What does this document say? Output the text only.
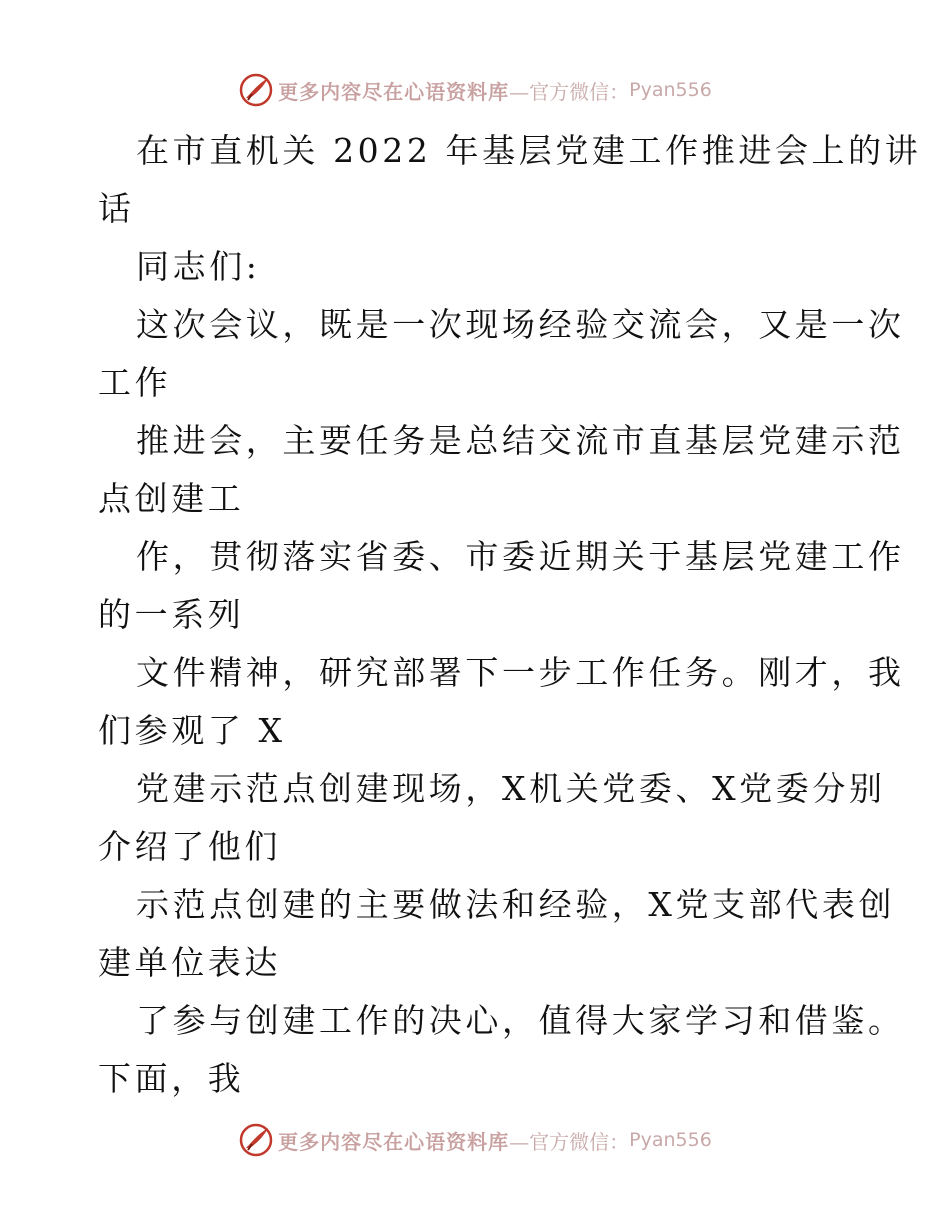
更多内容尽在心语资料库 —官方微信： Pyan556
在市直机关 2022 年基层党建工作推进会上的讲
话
同志们:
这次会议，既是一次现场经验交流会，又是一次
工作
推进会，主要任务是总结交流市直基层党建示范
点创建工
作，贯彻落实省委、市委近期关于基层党建工作
的一系列
文件精神，研究部署下一步工作任务。刚才，我
们参观了 X
党建示范点创建现场，X机关党委、X党委分别
介绍了他们
示范点创建的主要做法和经验，X党支部代表创
建单位表达
了参与创建工作的决心，值得大家学习和借鉴。
下面，我
更多内容尽在心语资料库 —官方微信： Pyan556
